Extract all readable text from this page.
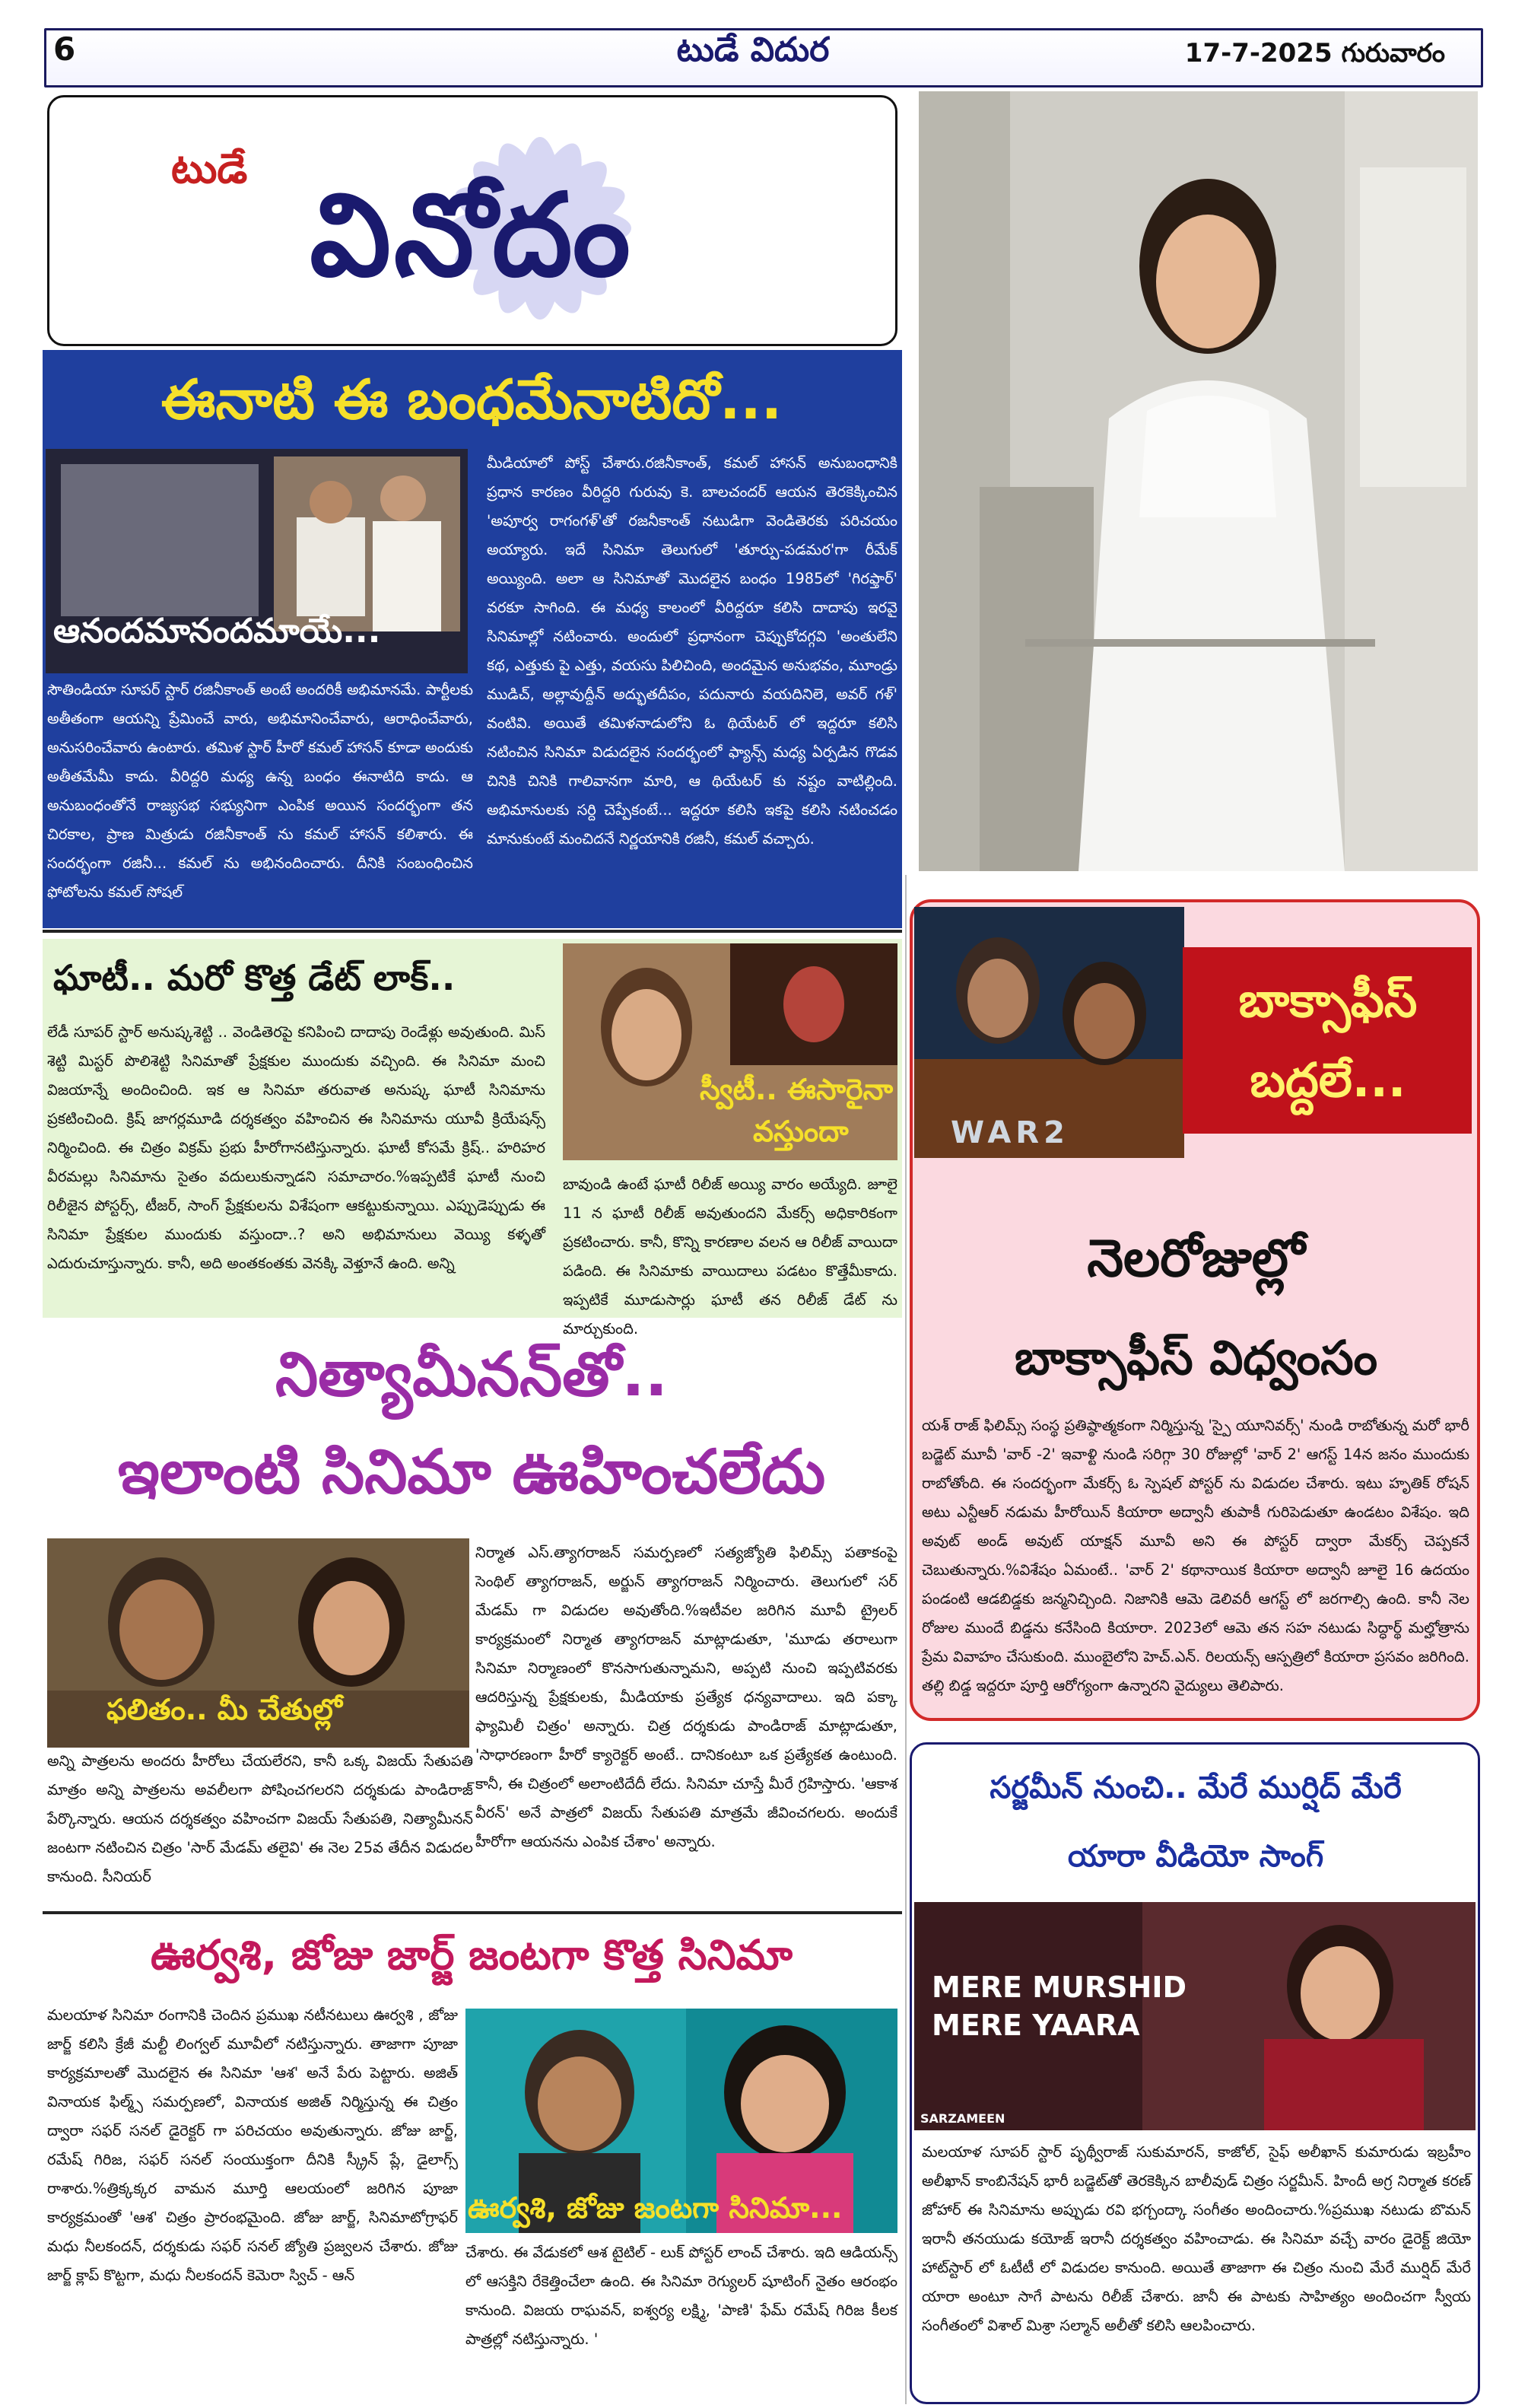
6	టుడే విదుర	17-7-2025 గురువారం
టుడే
వినోదం
ఈనాటి ఈ బంధమేనాటిదో...
ఆనందమానందమాయే...
సౌతిండియా సూపర్ స్టార్ రజినీకాంత్ అంటే అందరికీ అభిమానమే. పార్టీలకు అతీతంగా ఆయన్ని ప్రేమించే వారు, అభిమానించేవారు, ఆరాధించేవారు, అనుసరించేవారు ఉంటారు. తమిళ స్టార్ హీరో కమల్ హాసన్ కూడా అందుకు అతీతమేమీ కాదు. వీరిద్దరి మధ్య ఉన్న బంధం ఈనాటిది కాదు. ఆ అనుబంధంతోనే రాజ్యసభ సభ్యునిగా ఎంపిక అయిన సందర్భంగా తన చిరకాల, ప్రాణ మిత్రుడు రజినీకాంత్ ను కమల్ హాసన్ కలిశారు. ఈ సందర్భంగా రజినీ... కమల్ ను అభినందించారు. దీనికి సంబంధించిన ఫోటోలను కమల్ సోషల్
మీడియాలో పోస్ట్ చేశారు.రజినీకాంత్, కమల్ హాసన్ అనుబంధానికి ప్రధాన కారణం వీరిద్దరి గురువు కె. బాలచందర్ ఆయన తెరకెక్కించిన 'అపూర్వ రాగంగళ్'తో రజనీకాంత్ నటుడిగా వెండితెరకు పరిచయం అయ్యారు. ఇదే సినిమా తెలుగులో 'తూర్పు-పడమర'గా రీమేక్ అయ్యింది. అలా ఆ సినిమాతో మొదలైన బంధం 1985లో 'గిరఫ్తార్' వరకూ సాగింది. ఈ మధ్య కాలంలో వీరిద్దరూ కలిసి దాదాపు ఇరవై సినిమాల్లో నటించారు. అందులో ప్రధానంగా చెప్పుకోదగ్గవి 'అంతులేని కథ, ఎత్తుకు పై ఎత్తు, వయసు పిలిచింది, అందమైన అనుభవం, మూండ్రు ముడిచ్, అల్లావుద్దీన్ అద్భుతదీపం, పదునారు వయదినిలె, అవర్ గళ్' వంటివి. అయితే తమిళనాడులోని ఓ థియేటర్ లో ఇద్దరూ కలిసి నటించిన సినిమా విడుదలైన సందర్భంలో ఫ్యాన్స్ మధ్య ఏర్పడిన గొడవ చినికి చినికి గాలివానగా మారి, ఆ థియేటర్ కు నష్టం వాటిల్లింది. అభిమానులకు సర్ది చెప్పేకంటే... ఇద్దరూ కలిసి ఇకపై కలిసి నటించడం మానుకుంటే మంచిదనే నిర్ణయానికి రజినీ, కమల్ వచ్చారు.
ఘాటీ.. మరో కొత్త డేట్ లాక్..
స్వీటీ.. ఈసారైనా
వస్తుందా
లేడీ సూపర్ స్టార్ అనుష్కశెట్టి .. వెండితెరపై కనిపించి దాదాపు రెండేళ్లు అవుతుంది. మిస్ శెట్టి మిస్టర్ పొలిశెట్టి సినిమాతో ప్రేక్షకుల ముందుకు వచ్చింది. ఈ సినిమా మంచి విజయాన్నే అందించింది. ఇక ఆ సినిమా తరువాత అనుష్క ఘాటీ సినిమాను ప్రకటించింది. క్రిష్ జాగర్లమూడి దర్శకత్వం వహించిన ఈ సినిమాను యూవీ క్రియేషన్స్ నిర్మించింది. ఈ చిత్రం విక్రమ్ ప్రభు హీరోగానటిస్తున్నారు. ఘాటీ కోసమే క్రిష్.. హరిహర వీరమల్లు సినిమాను సైతం వదులుకున్నాడని సమాచారం.%ఇప్పటికే ఘాటీ నుంచి రిలీజైన పోస్టర్స్, టీజర్, సాంగ్ ప్రేక్షకులను విశేషంగా ఆకట్టుకున్నాయి. ఎప్పుడెప్పుడు ఈ సినిమా ప్రేక్షకుల ముందుకు వస్తుందా..? అని అభిమానులు వెయ్యి కళ్ళతో ఎదురుచూస్తున్నారు. కానీ, అది అంతకంతకు వెనక్కి వెళ్తూనే ఉంది. అన్ని
బావుండి ఉంటే ఘాటీ రిలీజ్ అయ్యి వారం అయ్యేది. జూలై 11 న ఘాటీ రిలీజ్ అవుతుందని మేకర్స్ అధికారికంగా ప్రకటించారు. కానీ, కొన్ని కారణాల వలన ఆ రిలీజ్ వాయిదా పడింది. ఈ సినిమాకు వాయిదాలు పడటం కొత్తేమీకాదు. ఇప్పటికే మూడుసార్లు ఘాటీ తన రిలీజ్ డేట్ ను మార్చుకుంది.
నిత్యామీనన్‌తో..
ఇలాంటి సినిమా ఊహించలేదు
ఫలితం.. మీ చేతుల్లో
అన్ని పాత్రలను అందరు హీరోలు చేయలేరని, కానీ ఒక్క విజయ్ సేతుపతి మాత్రం అన్ని పాత్రలను అవలీలగా పోషించగలరని దర్శకుడు పాండిరాజ్ పేర్కొన్నారు. ఆయన దర్శకత్వం వహించగా విజయ్ సేతుపతి, నిత్యామీనన్ జంటగా నటించిన చిత్రం 'సార్ మేడమ్ తలైవి' ఈ నెల 25వ తేదీన విడుదల కానుంది. సీనియర్
నిర్మాత ఎస్.త్యాగరాజన్ సమర్పణలో సత్యజ్యోతి ఫిలిమ్స్ పతాకంపై సెంథిల్ త్యాగరాజన్, అర్జున్ త్యాగరాజన్ నిర్మించారు. తెలుగులో సర్ మేడమ్ గా విడుదల అవుతోంది.%ఇటీవల జరిగిన మూవీ ట్రైలర్ కార్యక్రమంలో నిర్మాత త్యాగరాజన్ మాట్లాడుతూ, 'మూడు తరాలుగా సినిమా నిర్మాణంలో కొనసాగుతున్నామని, అప్పటి నుంచి ఇప్పటివరకు ఆదరిస్తున్న ప్రేక్షకులకు, మీడియాకు ప్రత్యేక ధన్యవాదాలు. ఇది పక్కా ఫ్యామిలీ చిత్రం' అన్నారు. చిత్ర దర్శకుడు పాండిరాజ్ మాట్లాడుతూ, 'సాధారణంగా హీరో క్యారెక్టర్ అంటే.. దానికంటూ ఒక ప్రత్యేకత ఉంటుంది. కానీ, ఈ చిత్రంలో అలాంటిదేదీ లేదు. సినిమా చూస్తే మీరే గ్రహిస్తారు. 'ఆకాశ వీరన్' అనే పాత్రలో విజయ్ సేతుపతి మాత్రమే జీవించగలరు. అందుకే హీరోగా ఆయనను ఎంపిక చేశాం' అన్నారు.
ఊర్వశి, జోజు జార్జ్ జంటగా కొత్త సినిమా
మలయాళ సినిమా రంగానికి చెందిన ప్రముఖ నటీనటులు ఊర్వశి , జోజు జార్జ్ కలిసి క్రేజీ మల్టీ లింగ్వల్ మూవీలో నటిస్తున్నారు. తాజాగా పూజా కార్యక్రమాలతో మొదలైన ఈ సినిమా 'ఆశ' అనే పేరు పెట్టారు. అజిత్ వినాయక ఫిల్మ్స్ సమర్పణలో, వినాయక అజిత్ నిర్మిస్తున్న ఈ చిత్రం ద్వారా సఫర్ సనల్ డైరెక్టర్ గా పరిచయం అవుతున్నారు. జోజు జార్జ్, రమేష్ గిరిజ, సఫర్ సనల్ సంయుక్తంగా దీనికి స్క్రీన్ ప్లే, డైలాగ్స్ రాశారు.%త్రిక్కక్కర వామన మూర్తి ఆలయంలో జరిగిన పూజా కార్యక్రమంతో 'ఆశ' చిత్రం ప్రారంభమైంది. జోజు జార్జ్, సినిమాటోగ్రాఫర్ మధు నీలకందన్, దర్శకుడు సఫర్ సనల్ జ్యోతి ప్రజ్వలన చేశారు. జోజు జార్జ్ క్లాప్ కొట్టగా, మధు నీలకందన్ కెమెరా స్విచ్ - ఆన్
ఊర్వశి, జోజు జంటగా సినిమా...
చేశారు. ఈ వేడుకలో ఆశ టైటిల్ - లుక్ పోస్టర్ లాంచ్ చేశారు. ఇది ఆడియన్స్ లో ఆసక్తిని రేకెత్తించేలా ఉంది. ఈ సినిమా రెగ్యులర్ షూటింగ్ నైతం ఆరంభం కానుంది. విజయ రాఘవన్, ఐశ్వర్య లక్ష్మి, 'పాణి' ఫేమ్ రమేష్ గిరిజ కీలక పాత్రల్లో నటిస్తున్నారు. '
WAR2
బాక్సాఫీస్
బద్దలే...
నెలరోజుల్లో
బాక్సాఫీస్ విధ్వంసం
యశ్ రాజ్ ఫిలిమ్స్ సంస్థ ప్రతిష్ఠాత్మకంగా నిర్మిస్తున్న 'స్పై యూనివర్స్' నుండి రాబోతున్న మరో భారీ బడ్జెట్ మూవీ 'వార్ -2' ఇవాళ్టి నుండి సరిగ్గా 30 రోజుల్లో 'వార్ 2' ఆగస్ట్ 14న జనం ముందుకు రాబోతోంది. ఈ సందర్భంగా మేకర్స్ ఓ స్పెషల్ పోస్టర్ ను విడుదల చేశారు. ఇటు హృతిక్ రోషన్ అటు ఎన్టీఆర్ నడుమ హీరోయిన్ కియారా అద్వానీ తుపాకీ గురిపెడుతూ ఉండటం విశేషం. ఇది అవుట్ అండ్ అవుట్ యాక్షన్ మూవీ అని ఈ పోస్టర్ ద్వారా మేకర్స్ చెప్పకనే చెబుతున్నారు.%విశేషం ఏమంటే.. 'వార్ 2' కథానాయిక కియారా అద్వానీ జూలై 16 ఉదయం పండంటి ఆడబిడ్డకు జన్మనిచ్చింది. నిజానికి ఆమె డెలివరీ ఆగస్ట్ లో జరగాల్సి ఉంది. కానీ నెల రోజుల ముందే బిడ్డను కనేసింది కియారా. 2023లో ఆమె తన సహ నటుడు సిద్ధార్థ్ మల్హోత్రాను ప్రేమ వివాహం చేసుకుంది. ముంబైలోని హెచ్.ఎన్. రిలయన్స్ ఆస్పత్రిలో కియారా ప్రసవం జరిగింది. తల్లి బిడ్డ ఇద్దరూ పూర్తి ఆరోగ్యంగా ఉన్నారని వైద్యులు తెలిపారు.
సర్జమీన్ నుంచి.. మేరే ముర్షిద్ మేరే
యారా వీడియో సాంగ్
MERE MURSHID
MERE YAARA
SARZAMEEN
మలయాళ సూపర్ స్టార్ పృథ్వీరాజ్ సుకుమారన్, కాజోల్, సైఫ్ అలీఖాన్ కుమారుడు ఇబ్రహీం అలీఖాన్ కాంబినేషన్ భారీ బడ్జెట్‌తో తెరకెక్కిన బాలీవుడ్ చిత్రం సర్జమీన్. హిందీ అగ్ర నిర్మాత కరణ్ జోహార్ ఈ సినిమాను అప్పుడు రవి భగ్చంద్కా సంగీతం అందించారు.%ప్రముఖ నటుడు బొమన్ ఇరానీ తనయుడు కయోజ్ ఇరానీ దర్శకత్వం వహించాడు. ఈ సినిమా వచ్చే వారం డైరెక్ట్ జియో హాట్‌స్టార్ లో ఓటీటీ లో విడుదల కానుంది. అయితే తాజాగా ఈ చిత్రం నుంచి మేరే ముర్షిద్ మేరే యారా అంటూ సాగే పాటను రిలీజ్ చేశారు. జానీ ఈ పాటకు సాహిత్యం అందించగా స్వీయ సంగీతంలో విశాల్ మిశ్రా సల్మాన్ అలీతో కలిసి ఆలపించారు.
